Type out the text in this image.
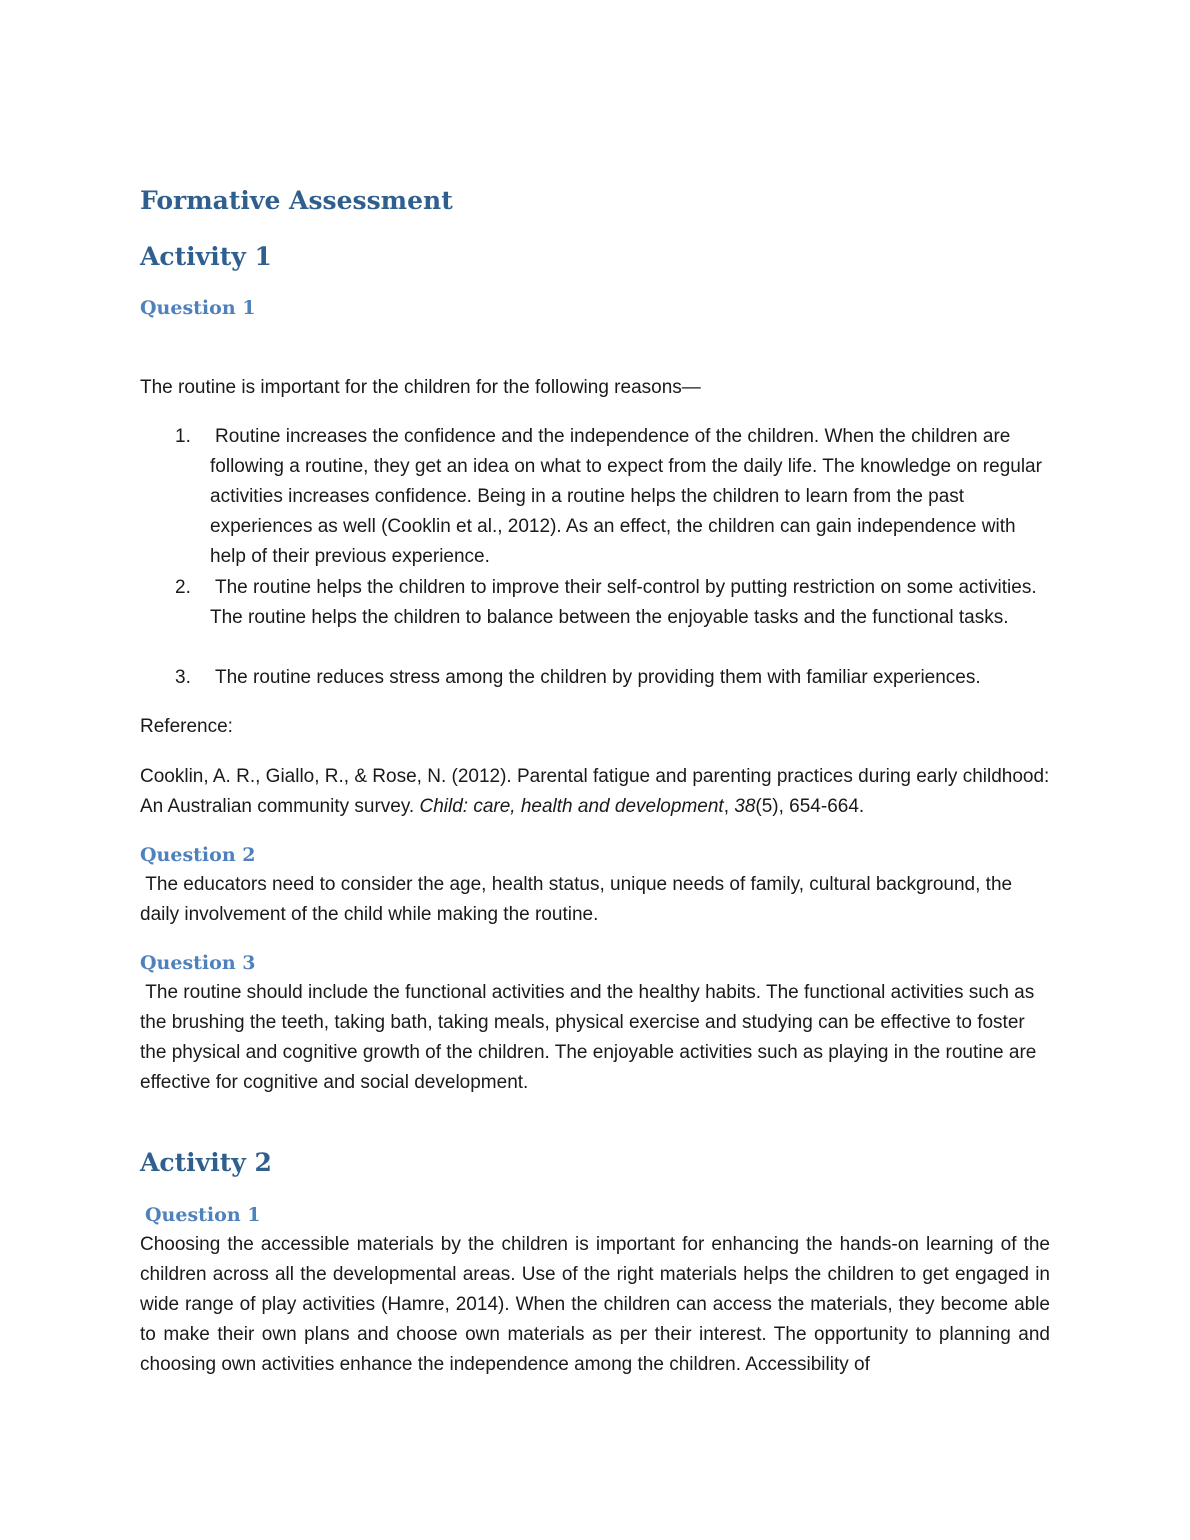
Formative Assessment
Activity 1
Question 1

The routine is important for the children for the following reasons—

1. Routine increases the confidence and the independence of the children. When the children are following a routine, they get an idea on what to expect from the daily life. The knowledge on regular activities increases confidence. Being in a routine helps the children to learn from the past experiences as well (Cooklin et al., 2012). As an effect, the children can gain independence with help of their previous experience.
2. The routine helps the children to improve their self-control by putting restriction on some activities. The routine helps the children to balance between the enjoyable tasks and the functional tasks.
3. The routine reduces stress among the children by providing them with familiar experiences.

Reference:

Cooklin, A. R., Giallo, R., & Rose, N. (2012). Parental fatigue and parenting practices during early childhood: An Australian community survey. Child: care, health and development, 38(5), 654-664.

Question 2

The educators need to consider the age, health status, unique needs of family, cultural background, the daily involvement of the child while making the routine.

Question 3

The routine should include the functional activities and the healthy habits. The functional activities such as the brushing the teeth, taking bath, taking meals, physical exercise and studying can be effective to foster the physical and cognitive growth of the children. The enjoyable activities such as playing in the routine are effective for cognitive and social development.

Activity 2
Question 1

Choosing the accessible materials by the children is important for enhancing the hands-on learning of the children across all the developmental areas. Use of the right materials helps the children to get engaged in wide range of play activities (Hamre, 2014). When the children can access the materials, they become able to make their own plans and choose own materials as per their interest. The opportunity to planning and choosing own activities enhance the independence among the children. Accessibility of
